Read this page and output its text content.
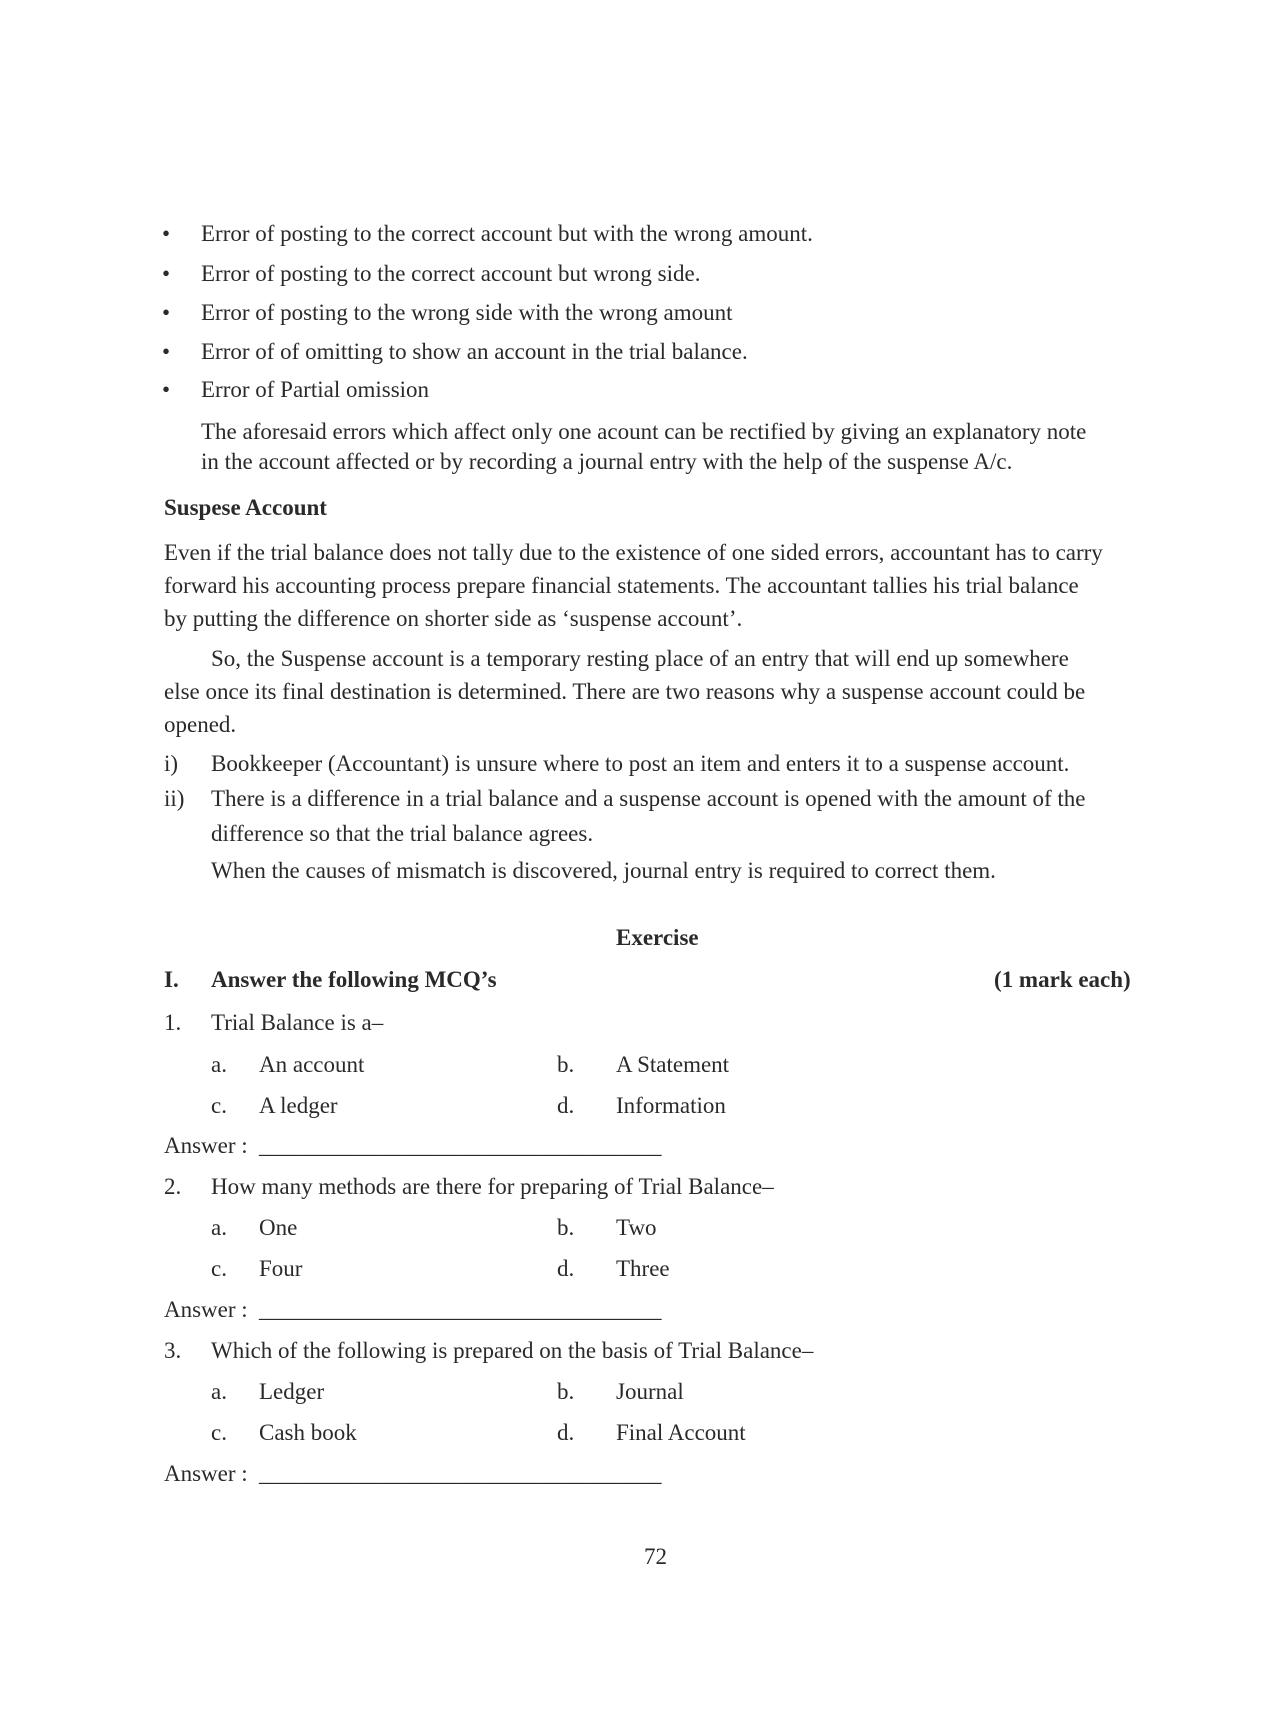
• Error of posting to the correct account but with the wrong amount.
• Error of posting to the correct account but wrong side.
• Error of posting to the wrong side with the wrong amount
• Error of of omitting to show an account in the trial balance.
• Error of Partial omission
The aforesaid errors which affect only one acount can be rectified by giving an explanatory note
in the account affected or by recording a journal entry with the help of the suspense A/c.
Suspese Account
Even if the trial balance does not tally due to the existence of one sided errors, accountant has to carry
forward his accounting process prepare financial statements. The accountant tallies his trial balance
by putting the difference on shorter side as ‘suspense account’.
So, the Suspense account is a temporary resting place of an entry that will end up somewhere
else once its final destination is determined. There are two reasons why a suspense account could be
opened.
i) Bookkeeper (Accountant) is unsure where to post an item and enters it to a suspense account.
ii) There is a difference in a trial balance and a suspense account is opened with the amount of the
difference so that the trial balance agrees.
When the causes of mismatch is discovered, journal entry is required to correct them.
Exercise
I. Answer the following MCQ’s	(1 mark each)
1. Trial Balance is a–
a. An account	b. A Statement
c. A ledger	d. Information
Answer : ___________________________________
2. How many methods are there for preparing of Trial Balance–
a. One	b. Two
c. Four	d. Three
Answer : ___________________________________
3. Which of the following is prepared on the basis of Trial Balance–
a. Ledger	b. Journal
c. Cash book	d. Final Account
Answer : ___________________________________
72
